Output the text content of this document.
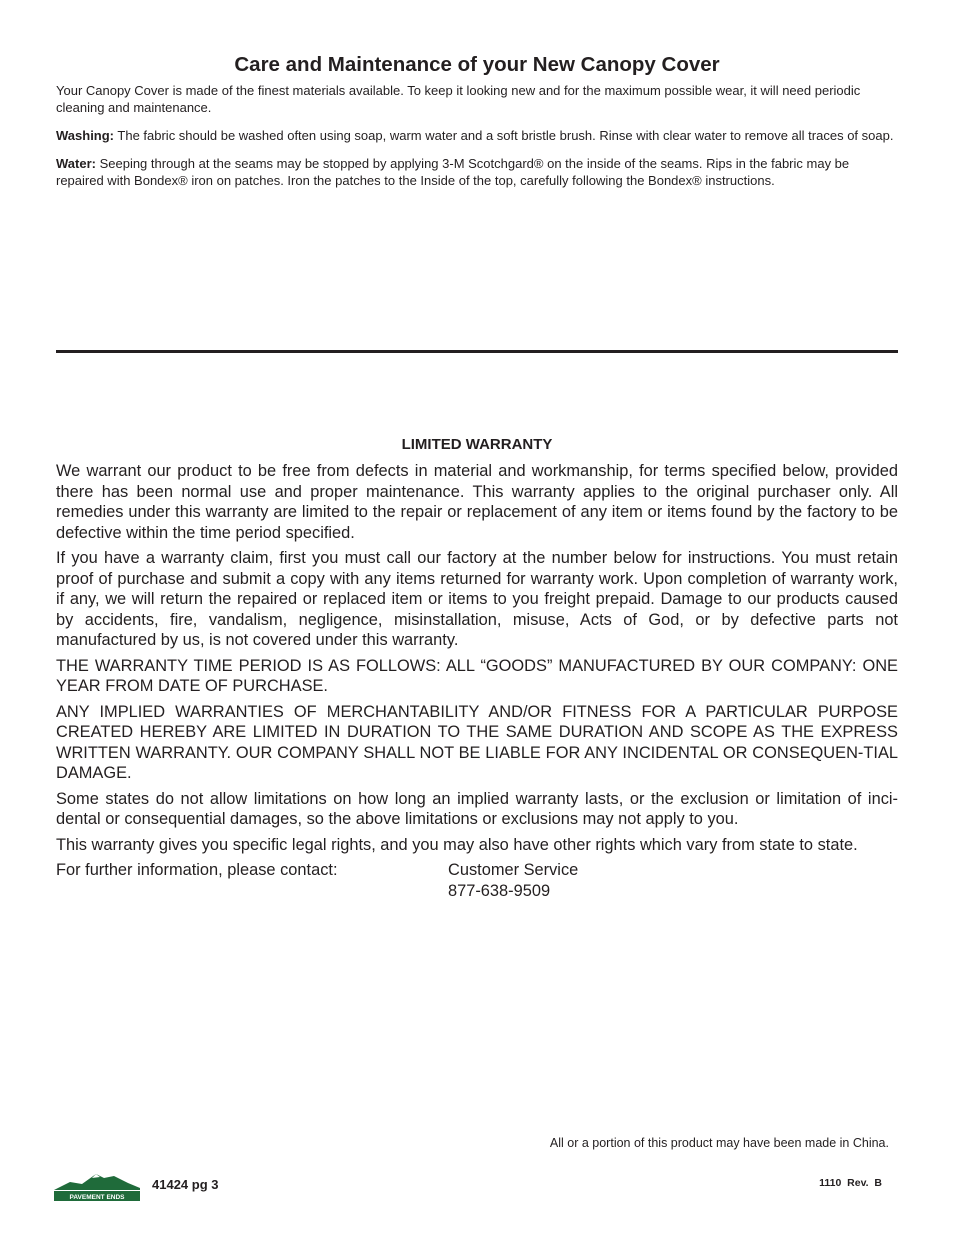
Care and Maintenance of your New Canopy Cover

Your Canopy Cover is made of the finest materials available. To keep it looking new and for the maximum possible wear, it will need periodic cleaning and maintenance.

Washing: The fabric should be washed often using soap, warm water and a soft bristle brush. Rinse with clear water to remove all traces of soap.

Water: Seeping through at the seams may be stopped by applying 3-M Scotchgard® on the inside of the seams. Rips in the fabric may be repaired with Bondex® iron on patches. Iron the patches to the Inside of the top, carefully following the Bondex® instructions.

LIMITED WARRANTY

We warrant our product to be free from defects in material and workmanship, for terms specified below, provided there has been normal use and proper maintenance. This warranty applies to the original purchaser only. All remedies under this warranty are limited to the repair or replacement of any item or items found by the factory to be defective within the time period specified.

If you have a warranty claim, first you must call our factory at the number below for instructions. You must retain proof of purchase and submit a copy with any items returned for warranty work. Upon completion of warranty work, if any, we will return the repaired or replaced item or items to you freight prepaid. Damage to our products caused by accidents, fire, vandalism, negligence, misinstallation, misuse, Acts of God, or by defective parts not manufactured by us, is not covered under this warranty.

THE WARRANTY TIME PERIOD IS AS FOLLOWS: ALL “GOODS” MANUFACTURED BY OUR COMPANY: ONE YEAR FROM DATE OF PURCHASE.

ANY IMPLIED WARRANTIES OF MERCHANTABILITY AND/OR FITNESS FOR A PARTICULAR PURPOSE CREATED HEREBY ARE LIMITED IN DURATION TO THE SAME DURATION AND SCOPE AS THE EXPRESS WRITTEN WARRANTY. OUR COMPANY SHALL NOT BE LIABLE FOR ANY INCIDENTAL OR CONSEQUEN-TIAL DAMAGE.

Some states do not allow limitations on how long an implied warranty lasts, or the exclusion or limitation of inci-dental or consequential damages, so the above limitations or exclusions may not apply to you.

This warranty gives you specific legal rights, and you may also have other rights which vary from state to state.

For further information, please contact:	Customer Service
877-638-9509
All or a portion of this product may have been made in China.
PAVEMENT ENDS
41424 pg 3	1110  Rev.  B
